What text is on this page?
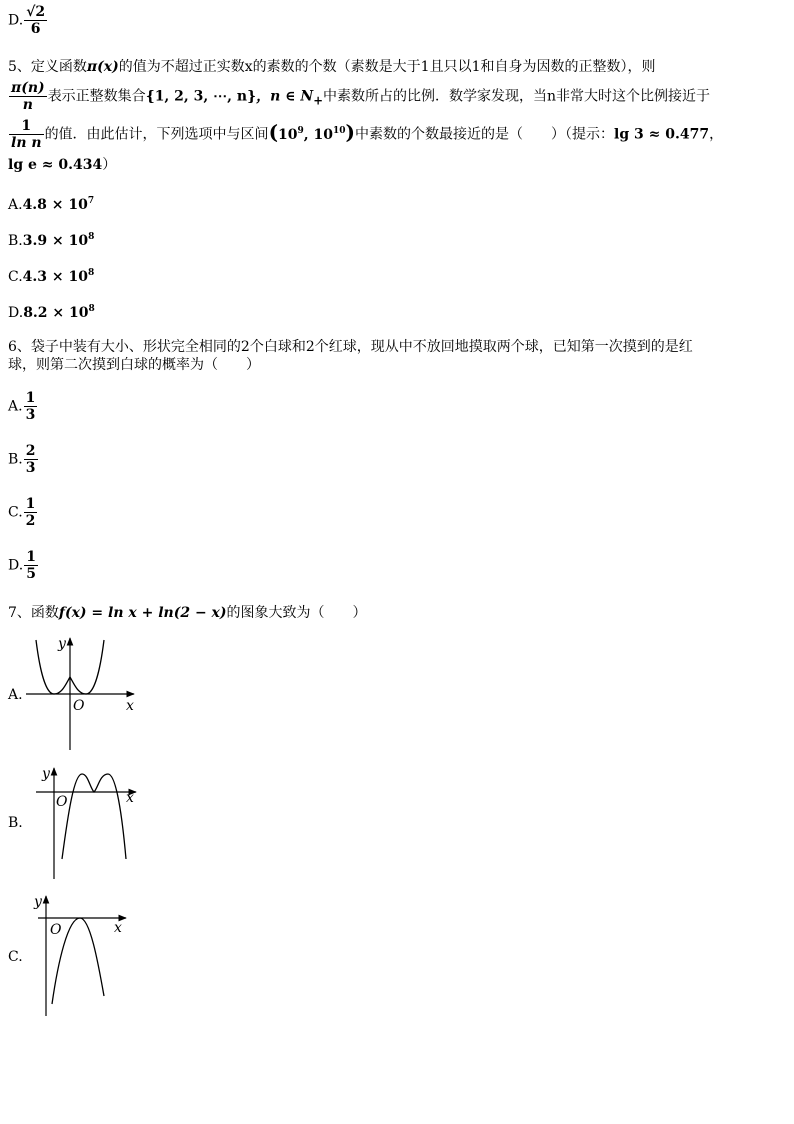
D. $\frac{√2}{6}$
5、定义函数π(x)的值为不超过正实数x的素数的个数（素数是大于1且只以1和自身为因数的正整数），则
$\frac{\pi(n)}{n}$ 表示正整数集合{1, 2, 3, ⋯, n}，n ∈ $N_+$中素数所占的比例．数学家发现，当n非常大时这个比例接近于
$\frac{1}{\text{ln n}}$ 的值．由此估计，下列选项中与区间($10^9$, $10^{10}$)中素数的个数最接近的是（　　）（提示：lg 3 ≈ 0.477，
lg e ≈ 0.434）
$A.4.8 \times 10^7$
$B.3.9 \times 10^8$
$C.4.3 \times 10^8$
$D.8.2 \times 10^8$
6、袋子中装有大小、形状完全相同的2个白球和2个红球，现从中不放回地摸取两个球，已知第一次摸到的是红
球，则第二次摸到白球的概率为（　　）
A. $\frac{1}{3}$
B. $\frac{2}{3}$
C. $\frac{1}{2}$
D. $\frac{1}{5}$
7、函数f(x) = ln x + ln(2 − x)的图象大致为（　　）
A.
y
x
O
B.
y
x
O
C.
y
x
O
